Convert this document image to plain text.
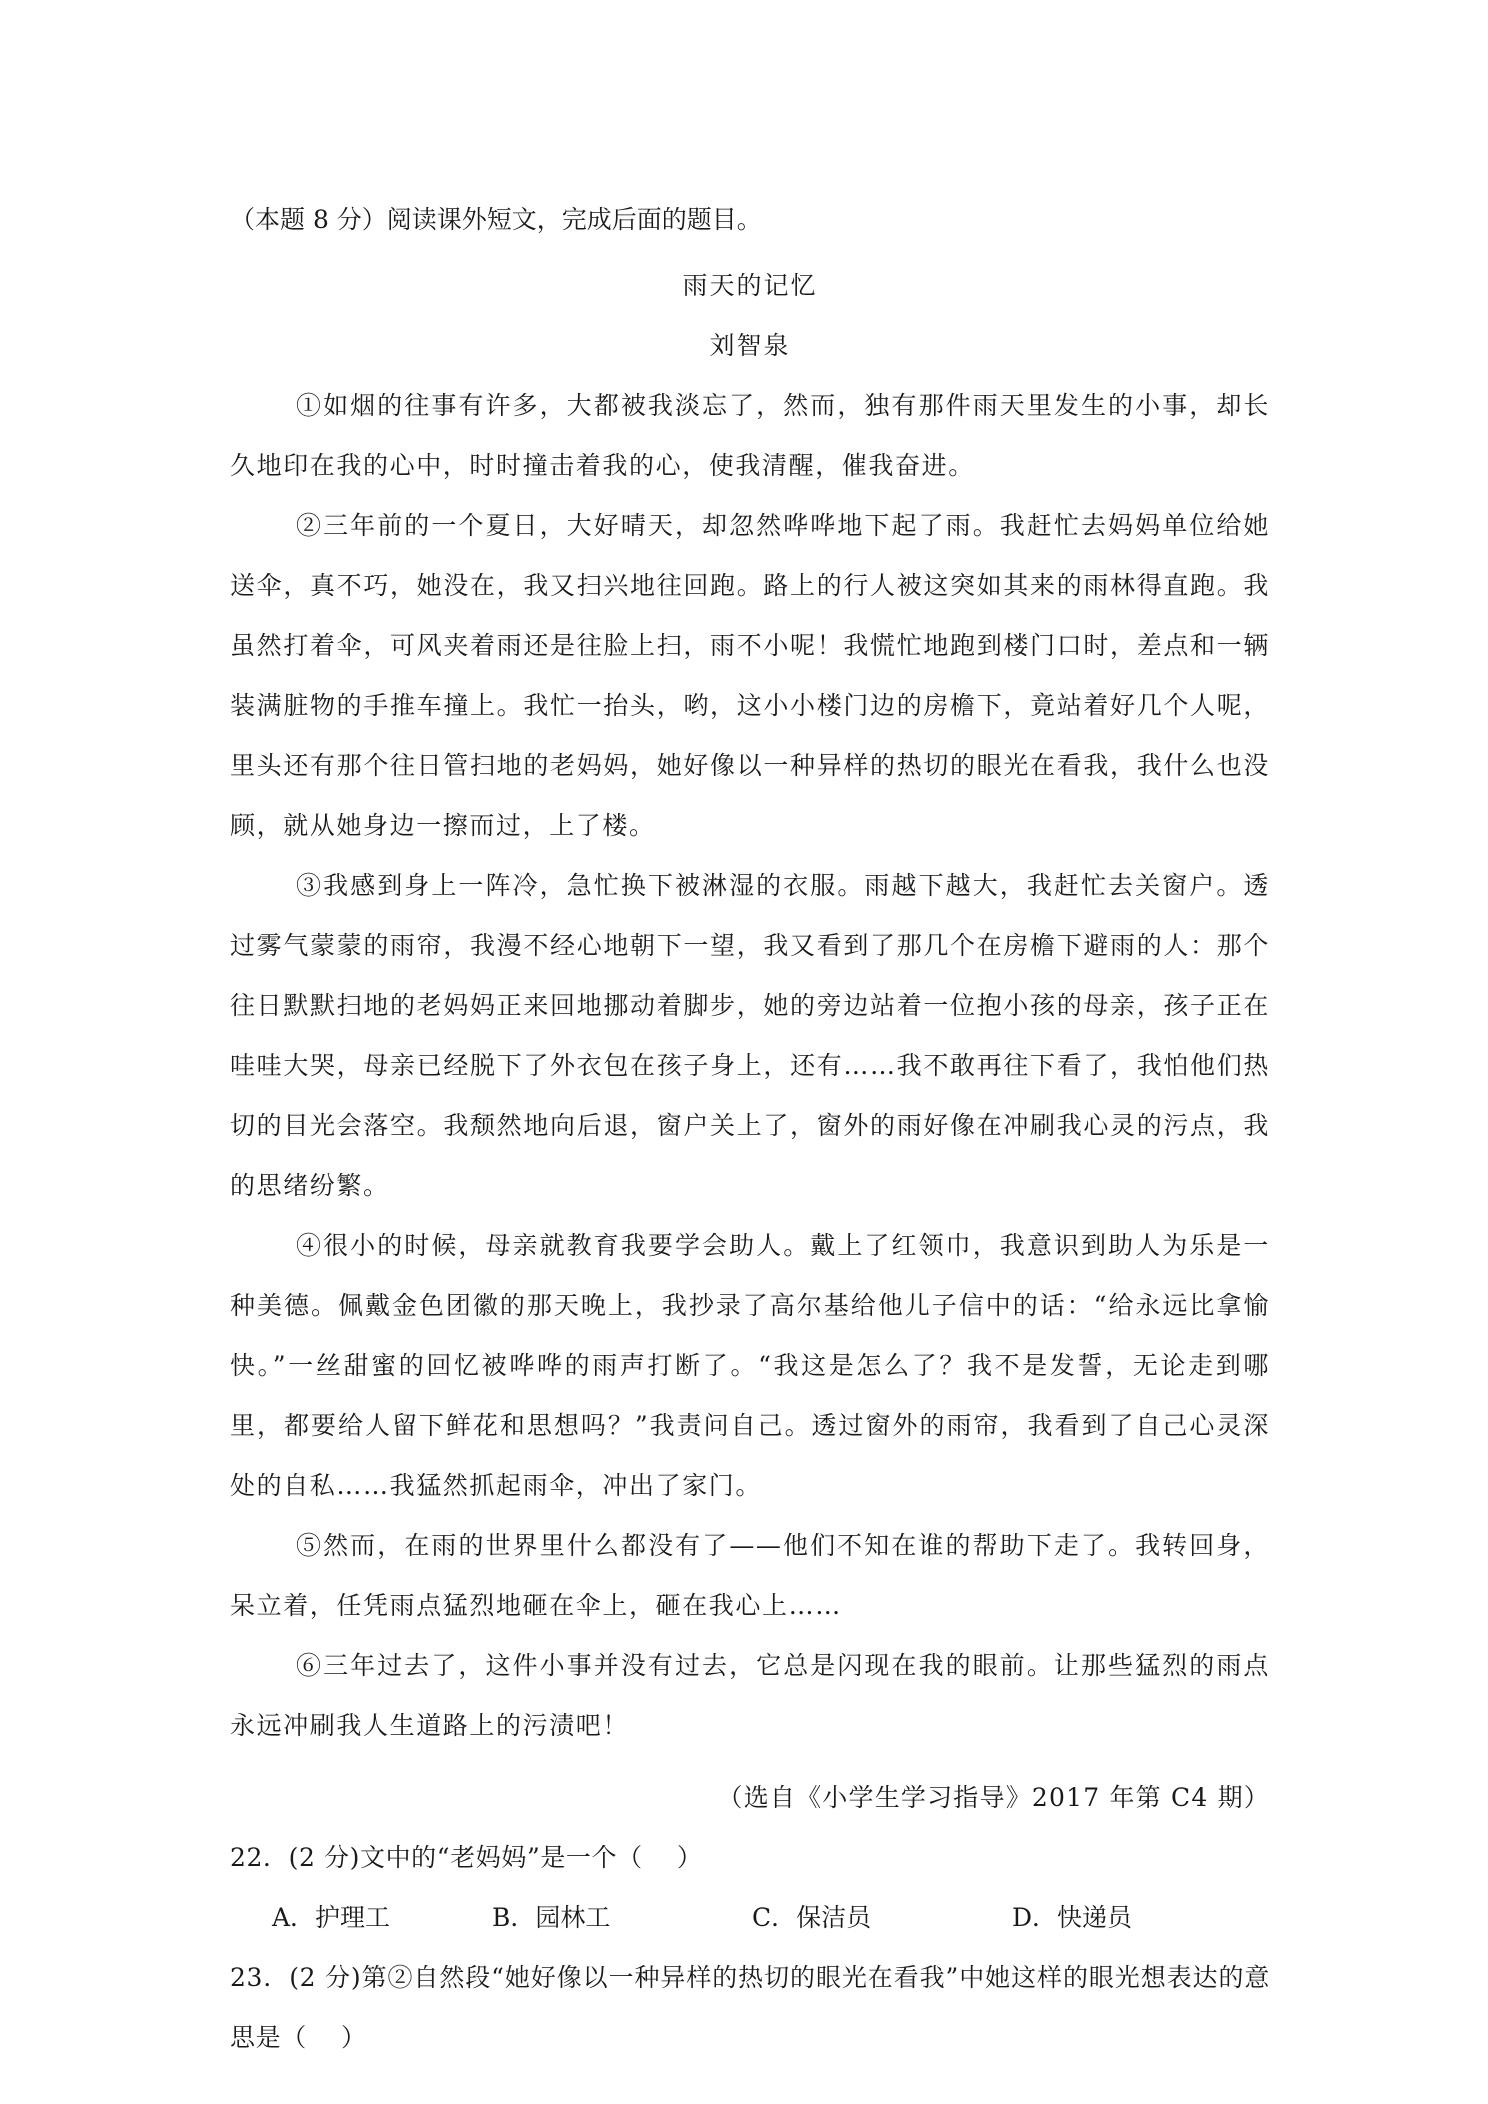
（本题 8 分）阅读课外短文，完成后面的题目。

雨天的记忆

刘智泉

①如烟的往事有许多，大都被我淡忘了，然而，独有那件雨天里发生的小事，却长久地印在我的心中，时时撞击着我的心，使我清醒，催我奋进。

②三年前的一个夏日，大好晴天，却忽然哗哗地下起了雨。我赶忙去妈妈单位给她送伞，真不巧，她没在，我又扫兴地往回跑。路上的行人被这突如其来的雨林得直跑。我虽然打着伞，可风夹着雨还是往脸上扫，雨不小呢！我慌忙地跑到楼门口时，差点和一辆装满脏物的手推车撞上。我忙一抬头，哟，这小小楼门边的房檐下，竟站着好几个人呢，里头还有那个往日管扫地的老妈妈，她好像以一种异样的热切的眼光在看我，我什么也没顾，就从她身边一擦而过，上了楼。

③我感到身上一阵冷，急忙换下被淋湿的衣服。雨越下越大，我赶忙去关窗户。透过雾气蒙蒙的雨帘，我漫不经心地朝下一望，我又看到了那几个在房檐下避雨的人：那个往日默默扫地的老妈妈正来回地挪动着脚步，她的旁边站着一位抱小孩的母亲，孩子正在哇哇大哭，母亲已经脱下了外衣包在孩子身上，还有……我不敢再往下看了，我怕他们热切的目光会落空。我颓然地向后退，窗户关上了，窗外的雨好像在冲刷我心灵的污点，我的思绪纷繁。

④很小的时候，母亲就教育我要学会助人。戴上了红领巾，我意识到助人为乐是一种美德。佩戴金色团徽的那天晚上，我抄录了高尔基给他儿子信中的话：“给永远比拿愉快。”一丝甜蜜的回忆被哗哗的雨声打断了。“我这是怎么了？我不是发誓，无论走到哪里，都要给人留下鲜花和思想吗？”我责问自己。透过窗外的雨帘，我看到了自己心灵深处的自私……我猛然抓起雨伞，冲出了家门。

⑤然而，在雨的世界里什么都没有了——他们不知在谁的帮助下走了。我转回身，呆立着，任凭雨点猛烈地砸在伞上，砸在我心上……

⑥三年过去了，这件小事并没有过去，它总是闪现在我的眼前。让那些猛烈的雨点永远冲刷我人生道路上的污渍吧！

（选自《小学生学习指导》2017 年第 C4 期）

22．(2 分)文中的“老妈妈”是一个（　 ）

A．护理工	B．园林工	C．保洁员	D．快递员

23．(2 分)第②自然段“她好像以一种异样的热切的眼光在看我”中她这样的眼光想表达的意思是（　 ）
